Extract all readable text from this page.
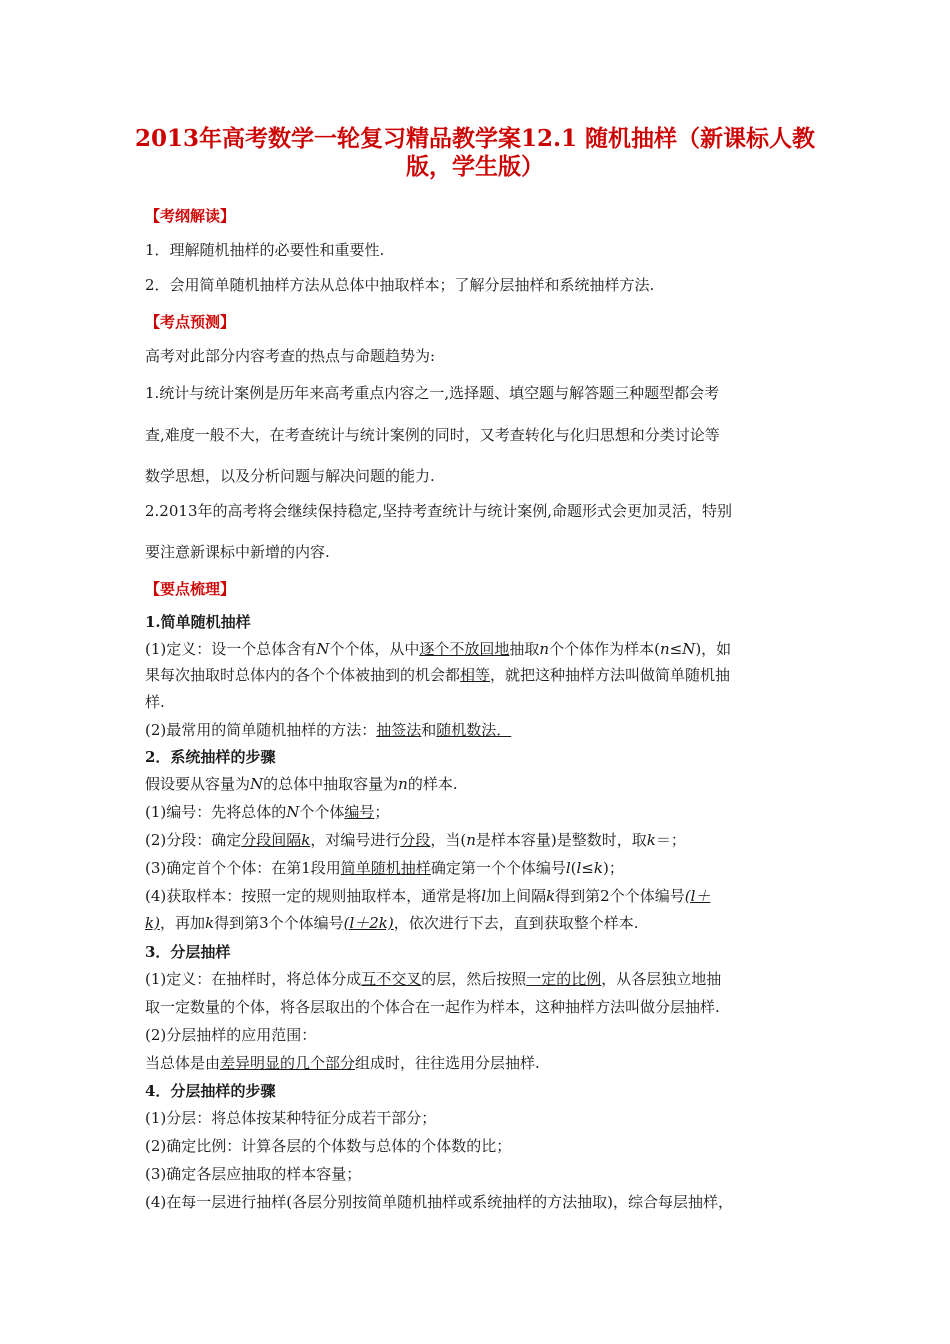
2013年高考数学一轮复习精品教学案12.1 随机抽样（新课标人教
版，学生版）
【考纲解读】
1．理解随机抽样的必要性和重要性.
2．会用简单随机抽样方法从总体中抽取样本；了解分层抽样和系统抽样方法.
【考点预测】
高考对此部分内容考查的热点与命题趋势为:
1.统计与统计案例是历年来高考重点内容之一,选择题、填空题与解答题三种题型都会考
查,难度一般不大，在考查统计与统计案例的同时，又考查转化与化归思想和分类讨论等
数学思想，以及分析问题与解决问题的能力.
2.2013年的高考将会继续保持稳定,坚持考查统计与统计案例,命题形式会更加灵活，特别
要注意新课标中新增的内容.
【要点梳理】
1.简单随机抽样
(1)定义：设一个总体含有N个个体，从中逐个不放回地抽取n个个体作为样本(n≤N)，如
果每次抽取时总体内的各个个体被抽到的机会都相等，就把这种抽样方法叫做简单随机抽
样.
(2)最常用的简单随机抽样的方法：抽签法和随机数法．
2．系统抽样的步骤
假设要从容量为N的总体中抽取容量为n的样本.
(1)编号：先将总体的N个个体编号；
(2)分段：确定分段间隔k，对编号进行分段，当(n是样本容量)是整数时，取k＝；
(3)确定首个个体：在第1段用简单随机抽样确定第一个个体编号l(l≤k)；
(4)获取样本：按照一定的规则抽取样本，通常是将l加上间隔k得到第2个个体编号(l＋
k)，再加k得到第3个个体编号(l＋2k)，依次进行下去，直到获取整个样本.
3．分层抽样
(1)定义：在抽样时，将总体分成互不交叉的层，然后按照一定的比例，从各层独立地抽
取一定数量的个体，将各层取出的个体合在一起作为样本，这种抽样方法叫做分层抽样.
(2)分层抽样的应用范围：
当总体是由差异明显的几个部分组成时，往往选用分层抽样.
4．分层抽样的步骤
(1)分层：将总体按某种特征分成若干部分；
(2)确定比例：计算各层的个体数与总体的个体数的比；
(3)确定各层应抽取的样本容量；
(4)在每一层进行抽样(各层分别按简单随机抽样或系统抽样的方法抽取)，综合每层抽样，
